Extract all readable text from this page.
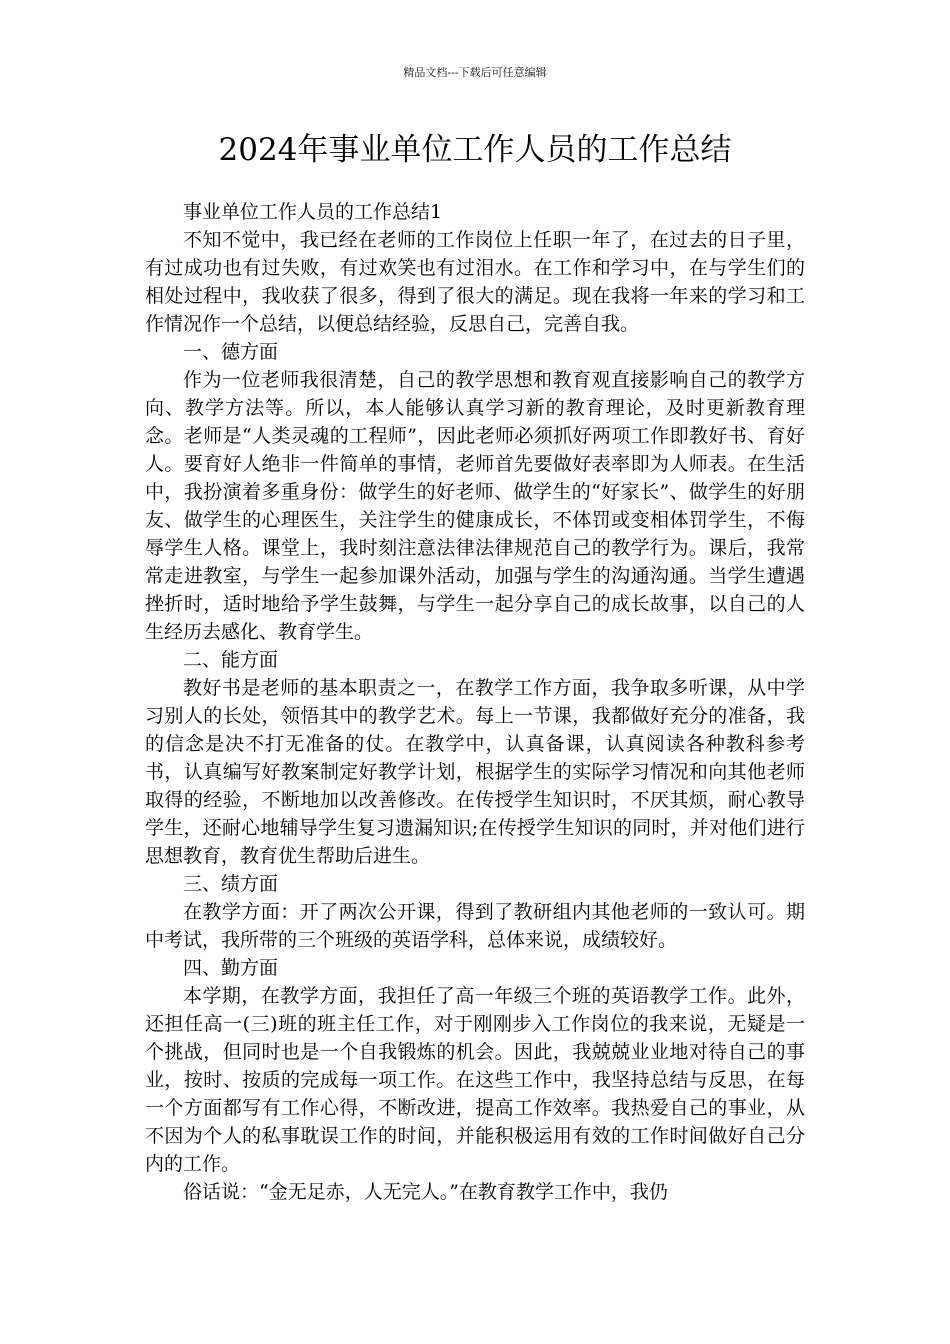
精品文档---下载后可任意编辑
2024年事业单位工作人员的工作总结

事业单位工作人员的工作总结1

不知不觉中，我已经在老师的工作岗位上任职一年了，在过去的日子里，有过成功也有过失败，有过欢笑也有过泪水。在工作和学习中，在与学生们的相处过程中，我收获了很多，得到了很大的满足。现在我将一年来的学习和工作情况作一个总结，以便总结经验，反思自己，完善自我。

一、德方面

作为一位老师我很清楚，自己的教学思想和教育观直接影响自己的教学方向、教学方法等。所以，本人能够认真学习新的教育理论，及时更新教育理念。老师是“人类灵魂的工程师”，因此老师必须抓好两项工作即教好书、育好人。要育好人绝非一件简单的事情，老师首先要做好表率即为人师表。在生活中，我扮演着多重身份：做学生的好老师、做学生的“好家长”、做学生的好朋友、做学生的心理医生，关注学生的健康成长，不体罚或变相体罚学生，不侮辱学生人格。课堂上，我时刻注意法律法律规范自己的教学行为。课后，我常常走进教室，与学生一起参加课外活动，加强与学生的沟通沟通。当学生遭遇挫折时，适时地给予学生鼓舞，与学生一起分享自己的成长故事，以自己的人生经历去感化、教育学生。

二、能方面

教好书是老师的基本职责之一，在教学工作方面，我争取多听课，从中学习别人的长处，领悟其中的教学艺术。每上一节课，我都做好充分的准备，我的信念是决不打无准备的仗。在教学中，认真备课，认真阅读各种教科参考书，认真编写好教案制定好教学计划，根据学生的实际学习情况和向其他老师取得的经验，不断地加以改善修改。在传授学生知识时，不厌其烦，耐心教导学生，还耐心地辅导学生复习遗漏知识;在传授学生知识的同时，并对他们进行思想教育，教育优生帮助后进生。

三、绩方面

在教学方面：开了两次公开课，得到了教研组内其他老师的一致认可。期中考试，我所带的三个班级的英语学科，总体来说，成绩较好。

四、勤方面

本学期，在教学方面，我担任了高一年级三个班的英语教学工作。此外，还担任高一(三)班的班主任工作，对于刚刚步入工作岗位的我来说，无疑是一个挑战，但同时也是一个自我锻炼的机会。因此，我兢兢业业地对待自己的事业，按时、按质的完成每一项工作。在这些工作中，我坚持总结与反思，在每一个方面都写有工作心得，不断改进，提高工作效率。我热爱自己的事业，从不因为个人的私事耽误工作的时间，并能积极运用有效的工作时间做好自己分内的工作。

俗话说：“金无足赤，人无完人。”在教育教学工作中，我仍
